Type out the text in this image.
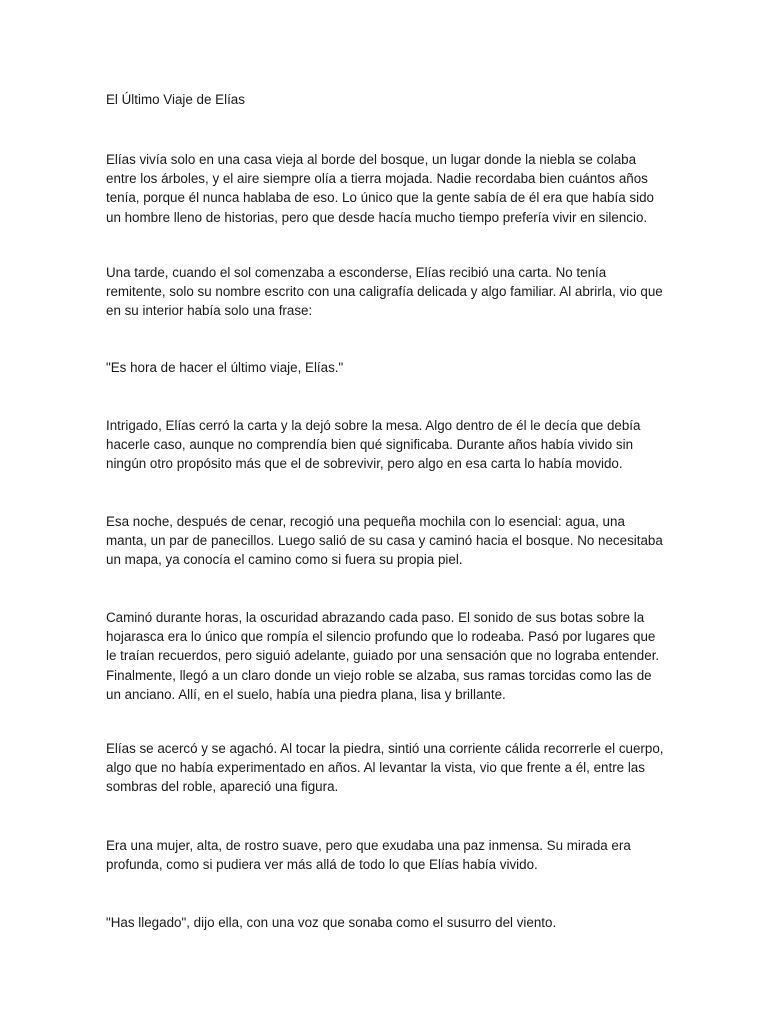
El Último Viaje de Elías

Elías vivía solo en una casa vieja al borde del bosque, un lugar donde la niebla se colaba entre los árboles, y el aire siempre olía a tierra mojada. Nadie recordaba bien cuántos años tenía, porque él nunca hablaba de eso. Lo único que la gente sabía de él era que había sido un hombre lleno de historias, pero que desde hacía mucho tiempo prefería vivir en silencio.

Una tarde, cuando el sol comenzaba a esconderse, Elías recibió una carta. No tenía remitente, solo su nombre escrito con una caligrafía delicada y algo familiar. Al abrirla, vio que en su interior había solo una frase:

"Es hora de hacer el último viaje, Elías."

Intrigado, Elías cerró la carta y la dejó sobre la mesa. Algo dentro de él le decía que debía hacerle caso, aunque no comprendía bien qué significaba. Durante años había vivido sin ningún otro propósito más que el de sobrevivir, pero algo en esa carta lo había movido.

Esa noche, después de cenar, recogió una pequeña mochila con lo esencial: agua, una manta, un par de panecillos. Luego salió de su casa y caminó hacia el bosque. No necesitaba un mapa, ya conocía el camino como si fuera su propia piel.

Caminó durante horas, la oscuridad abrazando cada paso. El sonido de sus botas sobre la hojarasca era lo único que rompía el silencio profundo que lo rodeaba. Pasó por lugares que le traían recuerdos, pero siguió adelante, guiado por una sensación que no lograba entender. Finalmente, llegó a un claro donde un viejo roble se alzaba, sus ramas torcidas como las de un anciano. Allí, en el suelo, había una piedra plana, lisa y brillante.

Elías se acercó y se agachó. Al tocar la piedra, sintió una corriente cálida recorrerle el cuerpo, algo que no había experimentado en años. Al levantar la vista, vio que frente a él, entre las sombras del roble, apareció una figura.

Era una mujer, alta, de rostro suave, pero que exudaba una paz inmensa. Su mirada era profunda, como si pudiera ver más allá de todo lo que Elías había vivido.

"Has llegado", dijo ella, con una voz que sonaba como el susurro del viento.
